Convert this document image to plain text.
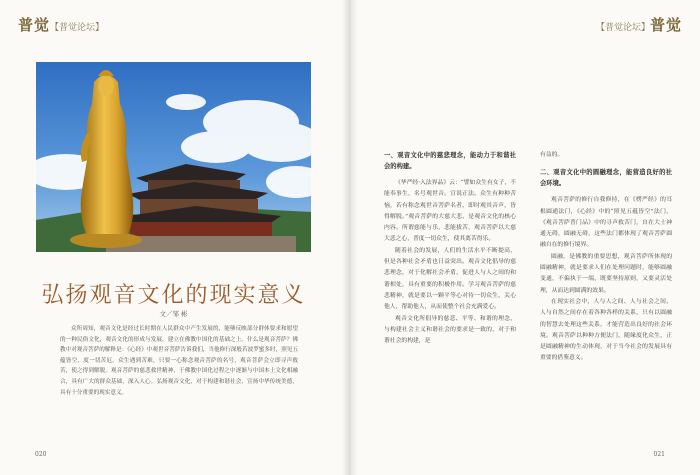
普觉【普觉论坛】
弘扬观音文化的现实意义
文／邹 彬

众所周知，观音文化是经过长时期在人民群众中产生发展的，能够反映部分群体要求和愿望的一种民俗文化，观音文化的形成与发展，建立在佛教中国化的基础之上。什么是观音菩萨？佛教中对观音菩萨的解释是：《心经》中观世音菩萨告诉我们，当他修行深般若波罗蜜多时，照见五蕴皆空，度一切苦厄。众生遇到苦难，只要一心称念观音菩萨的名号，观音菩萨会立即寻声救苦，使之得到解脱。观音菩萨的慈悲救世精神，于佛教中国化过程之中逐渐与中国本土文化相融合，具有广大的群众基础，深入人心。弘扬观音文化，对于构建和谐社会，宣扬中华传统美德，具有十分重要的现实意义。

020
【普觉论坛】普觉
一、观音文化中的慈悲理念，能动力于和谐社会的构建。

《华严经·入法界品》云：“譬如众生有女子，不能奉事生，名号观世音。宣说正法。众生有种种苦恼，若有称念观世音菩萨名者，即时观其音声，皆得解脱。”观音菩萨的大慈大悲，是观音文化的核心内容。所谓慈能与乐，悲能拔苦，观音菩萨以大慈大悲之心，普度一切众生，使其离苦得乐。

随着社会的发展，人们的生活水平不断提高，但是各种社会矛盾也日益突出。观音文化倡导的慈悲理念，对于化解社会矛盾，促进人与人之间的和谐相处，具有重要的积极作用。学习观音菩萨的慈悲精神，就是要以一颗平等心对待一切众生，关心他人，帮助他人，从而使整个社会充满爱心。

观音文化所倡导的慈悲、平等、和谐的理念，与构建社会主义和谐社会的要求是一致的，对于和谐社会的构建，是

有益的。

二、观音文化中的圆融理念，能营造良好的社会环境。

观音菩萨的修行自我修持，在《楞严经》的耳根圆通法门，《心经》中的“照见五蕴皆空”法门，《观音菩萨普门品》中的寻声救苦门，自在大士神通无碍，圆融无碍，这些法门都体现了观音菩萨圆融自在的修行境界。

圆融，是佛教的重要思想，观音菩萨所体现的圆融精神，就是要求人们在处理问题时，能够圆融变通，不偏执于一端，既要坚持原则，又要灵活处理，从而达到圆满的效果。

在现实社会中，人与人之间、人与社会之间、人与自然之间存在着各种各样的关系，只有以圆融的智慧去处理这些关系，才能营造出良好的社会环境。观音菩萨以种种方便法门，随缘度化众生，正是圆融精神的生动体现，对于当今社会的发展具有重要的借鉴意义。

021
